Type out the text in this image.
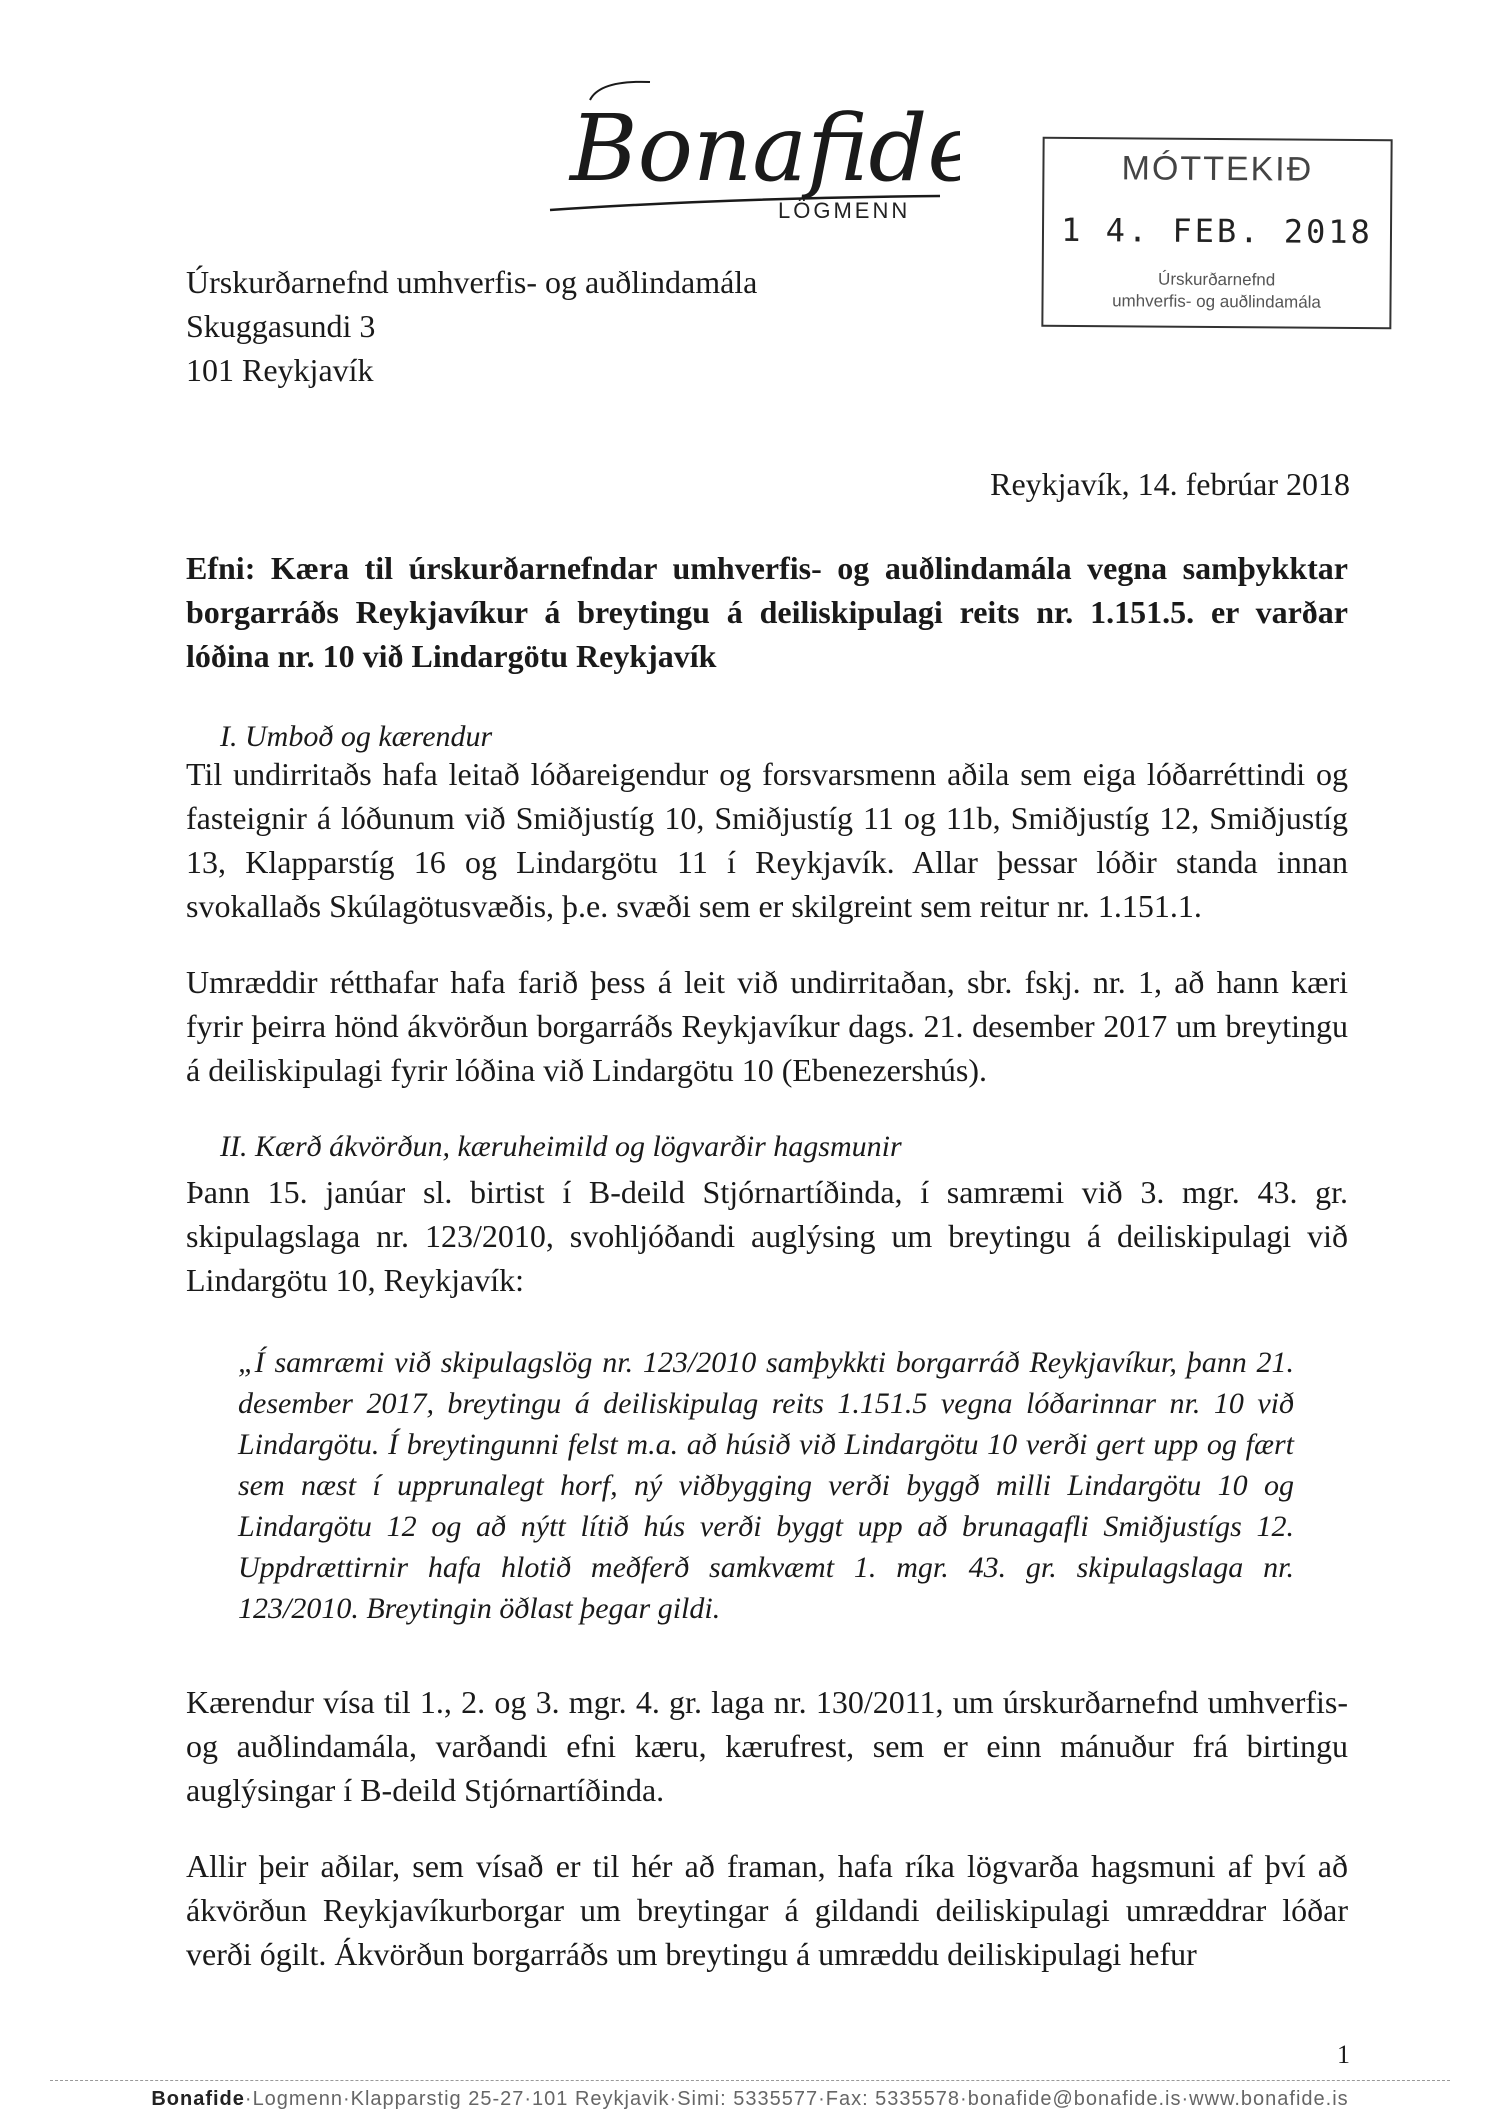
Bonafide
LÖGMENN
MÓTTEKIÐ
1 4. FEB. 2018
Úrskurðarnefnd
umhverfis- og auðlindamála
Úrskurðarnefnd umhverfis- og auðlindamála
Skuggasundi 3
101 Reykjavík
Reykjavík, 14. febrúar 2018
Efni: Kæra til úrskurðarnefndar umhverfis- og auðlindamála vegna samþykktar borgarráðs Reykjavíkur á breytingu á deiliskipulagi reits nr. 1.151.5. er varðar lóðina nr. 10 við Lindargötu Reykjavík
I. Umboð og kærendur

Til undirritaðs hafa leitað lóðareigendur og forsvarsmenn aðila sem eiga lóðarréttindi og fasteignir á lóðunum við Smiðjustíg 10, Smiðjustíg 11 og 11b, Smiðjustíg 12, Smiðjustíg 13, Klapparstíg 16 og Lindargötu 11 í Reykjavík. Allar þessar lóðir standa innan svokallaðs Skúlagötusvæðis, þ.e. svæði sem er skilgreint sem reitur nr. 1.151.1.

Umræddir rétthafar hafa farið þess á leit við undirritaðan, sbr. fskj. nr. 1, að hann kæri fyrir þeirra hönd ákvörðun borgarráðs Reykjavíkur dags. 21. desember 2017 um breytingu á deiliskipulagi fyrir lóðina við Lindargötu 10 (Ebenezershús).

II. Kærð ákvörðun, kæruheimild og lögvarðir hagsmunir

Þann 15. janúar sl. birtist í B-deild Stjórnartíðinda, í samræmi við 3. mgr. 43. gr. skipulagslaga nr. 123/2010, svohljóðandi auglýsing um breytingu á deiliskipulagi við Lindargötu 10, Reykjavík:

„Í samræmi við skipulagslög nr. 123/2010 samþykkti borgarráð Reykjavíkur, þann 21. desember 2017, breytingu á deiliskipulag reits 1.151.5 vegna lóðarinnar nr. 10 við Lindargötu. Í breytingunni felst m.a. að húsið við Lindargötu 10 verði gert upp og fært sem næst í upprunalegt horf, ný viðbygging verði byggð milli Lindargötu 10 og Lindargötu 12 og að nýtt lítið hús verði byggt upp að brunagafli Smiðjustígs 12. Uppdrættirnir hafa hlotið meðferð samkvæmt 1. mgr. 43. gr. skipulagslaga nr. 123/2010. Breytingin öðlast þegar gildi.

Kærendur vísa til 1., 2. og 3. mgr. 4. gr. laga nr. 130/2011, um úrskurðarnefnd umhverfis- og auðlindamála, varðandi efni kæru, kærufrest, sem er einn mánuður frá birtingu auglýsingar í B-deild Stjórnartíðinda.

Allir þeir aðilar, sem vísað er til hér að framan, hafa ríka lögvarða hagsmuni af því að ákvörðun Reykjavíkurborgar um breytingar á gildandi deiliskipulagi umræddrar lóðar verði ógilt. Ákvörðun borgarráðs um breytingu á umræddu deiliskipulagi hefur

1
Bonafide·Logmenn·Klapparstig 25-27·101 Reykjavik·Simi: 5335577·Fax: 5335578·bonafide@bonafide.is·www.bonafide.is
